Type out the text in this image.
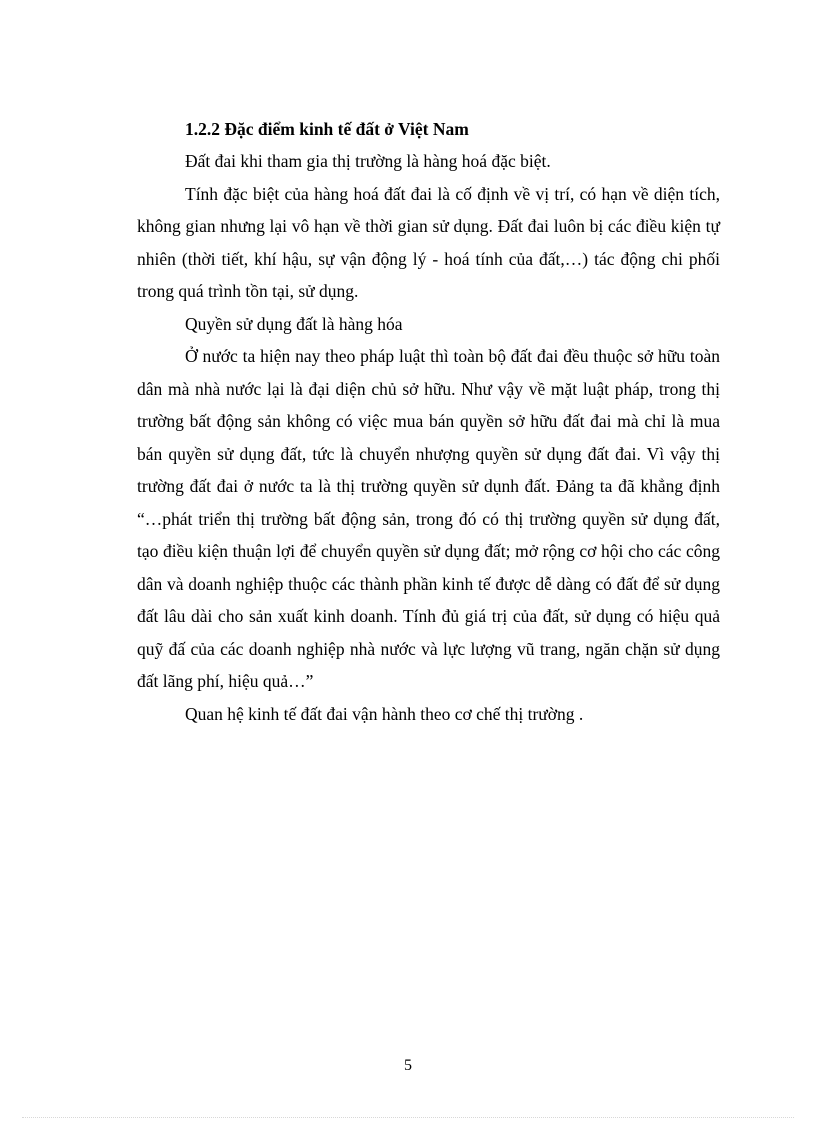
1.2.2 Đặc điểm kinh tế đất ở Việt Nam

Đất đai khi tham gia thị trường là hàng hoá đặc biệt.

Tính đặc biệt của hàng hoá đất đai là cố định về vị trí, có hạn về diện tích, không gian nhưng lại vô hạn về thời gian sử dụng. Đất đai luôn bị các điều kiện tự nhiên (thời tiết, khí hậu, sự vận động lý - hoá tính của đất,…) tác động chi phối trong quá trình tồn tại, sử dụng.

Quyền sử dụng đất là hàng hóa

Ở nước ta hiện nay theo pháp luật thì toàn bộ đất đai đều thuộc sở hữu toàn dân mà nhà nước lại là đại diện chủ sở hữu. Như vậy về mặt luật pháp, trong thị trường bất động sản không có việc mua bán quyền sở hữu đất đai mà chỉ là mua bán quyền sử dụng đất, tức là chuyển nhượng quyền sử dụng đất đai. Vì vậy thị trường đất đai ở nước ta là thị trường quyền sử dụnh đất. Đảng ta đã khẳng định “…phát triển thị trường bất động sản, trong đó có thị trường quyền sử dụng đất, tạo điều kiện thuận lợi để chuyển quyền sử dụng đất; mở rộng cơ hội cho các công dân và doanh nghiệp thuộc các thành phần kinh tế được dễ dàng có đất để sử dụng đất lâu dài cho sản xuất kinh doanh. Tính đủ giá trị của đất, sử dụng có hiệu quả quỹ đấ của các doanh nghiệp nhà nước và lực lượng vũ trang, ngăn chặn sử dụng đất lãng phí, hiệu quả…”

Quan hệ kinh tế đất đai vận hành theo cơ chế thị trường .

5
